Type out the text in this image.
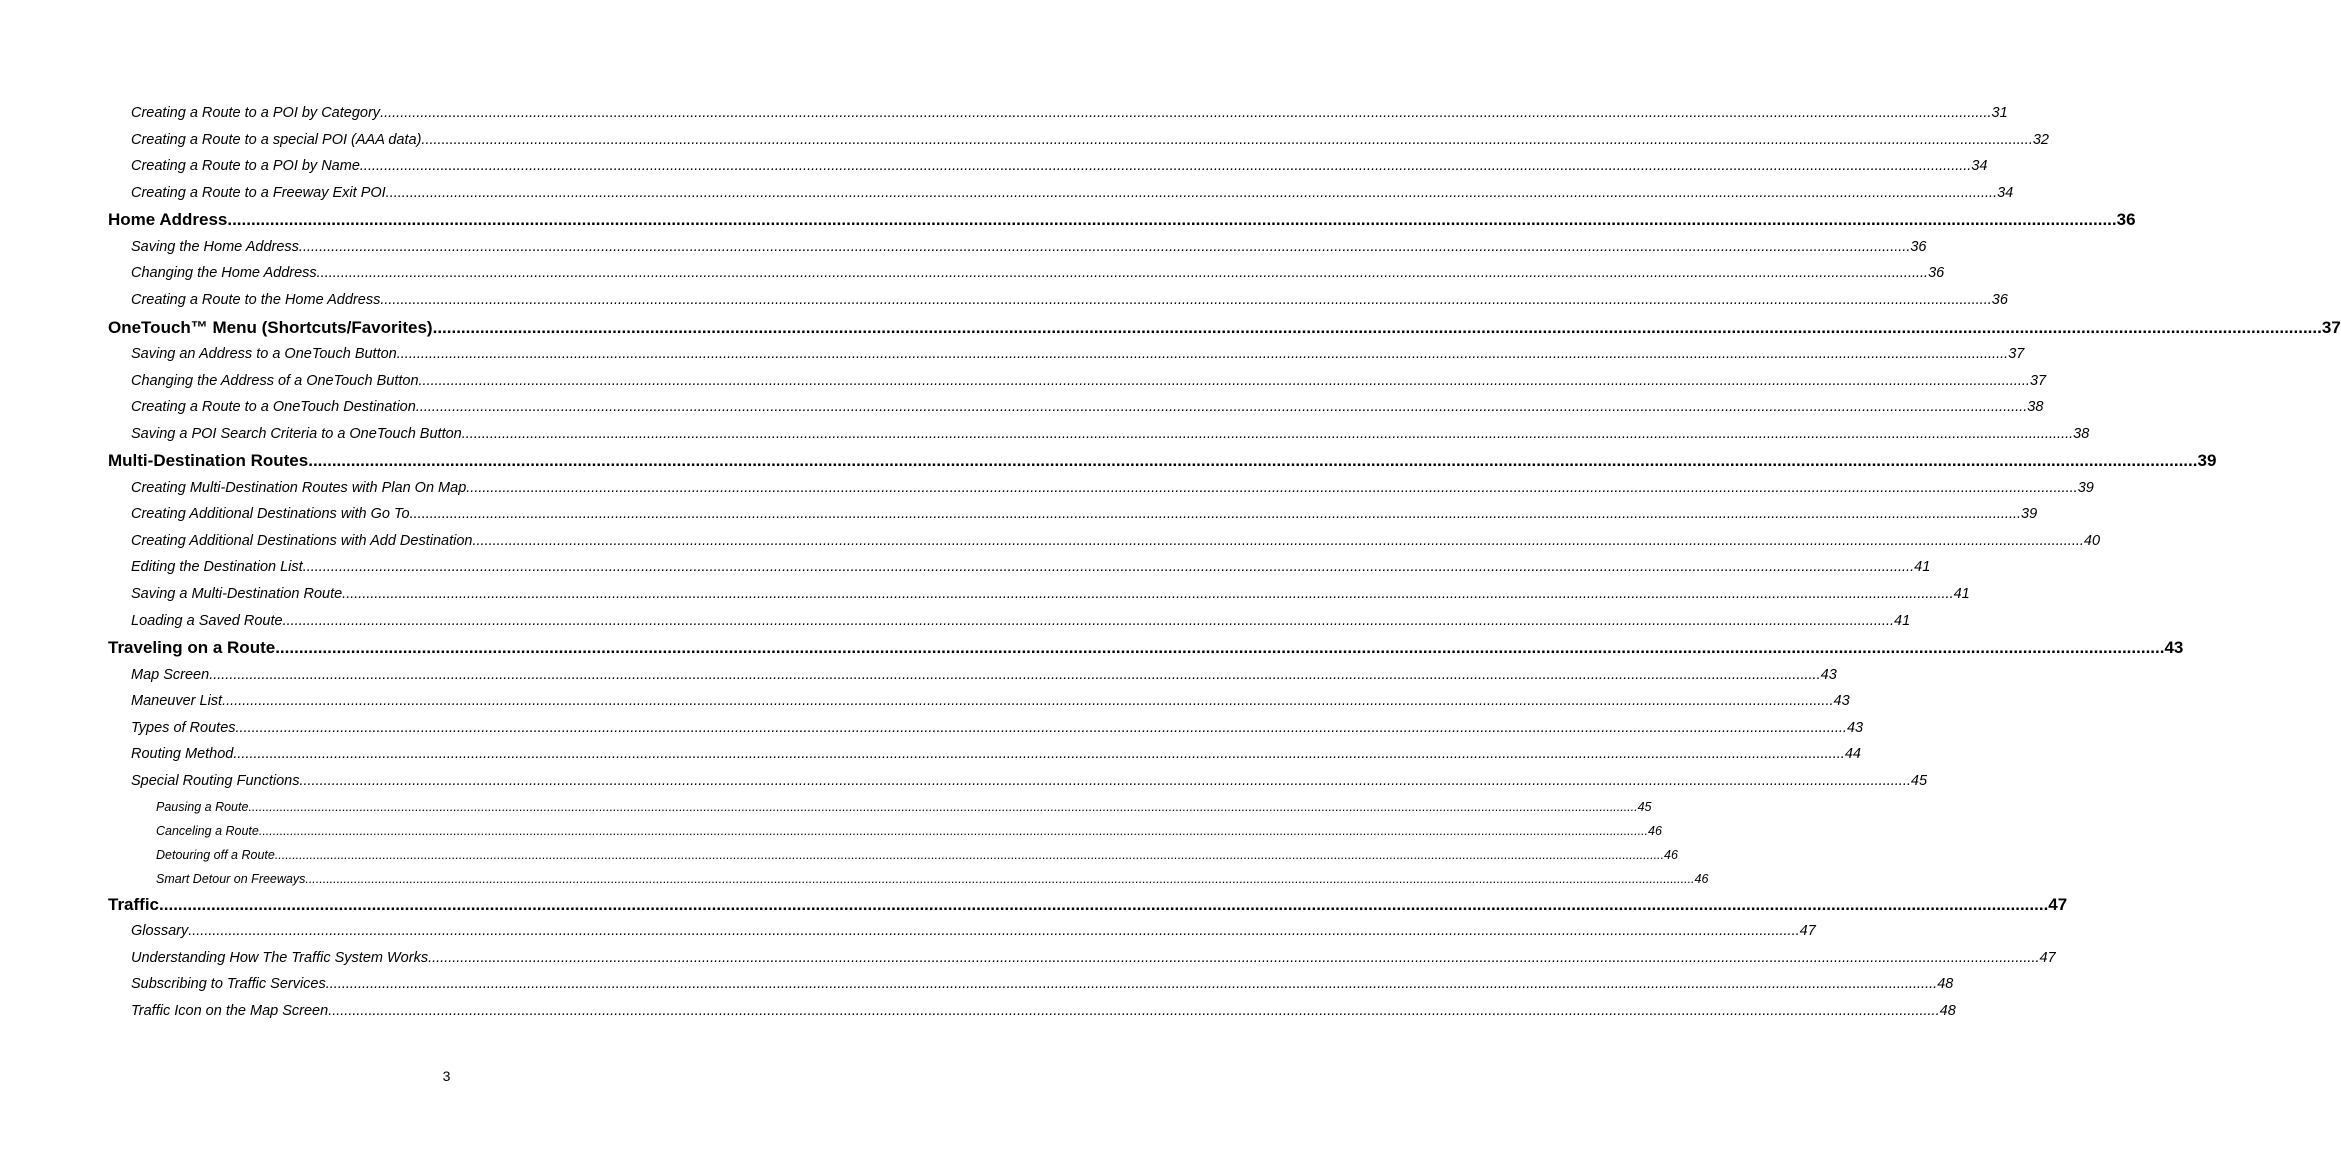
Creating a Route to a POI by Category ................................................................................................................................................................................................................................................................................................................................................................................................................ 31
Creating a Route to a special POI (AAA data) ................................................................................................................................................................................................................................................................................................................................................................................................................ 32
Creating a Route to a POI by Name ................................................................................................................................................................................................................................................................................................................................................................................................................ 34
Creating a Route to a Freeway Exit POI ................................................................................................................................................................................................................................................................................................................................................................................................................ 34
Home Address ................................................................................................................................................................................................................................................................................................................................................................................................................ 36
Saving the Home Address ................................................................................................................................................................................................................................................................................................................................................................................................................ 36
Changing the Home Address ................................................................................................................................................................................................................................................................................................................................................................................................................ 36
Creating a Route to the Home Address ................................................................................................................................................................................................................................................................................................................................................................................................................ 36
OneTouch™ Menu (Shortcuts/Favorites) ................................................................................................................................................................................................................................................................................................................................................................................................................ 37
Saving an Address to a OneTouch Button ................................................................................................................................................................................................................................................................................................................................................................................................................ 37
Changing the Address of a OneTouch Button ................................................................................................................................................................................................................................................................................................................................................................................................................ 37
Creating a Route to a OneTouch Destination ................................................................................................................................................................................................................................................................................................................................................................................................................ 38
Saving a POI Search Criteria to a OneTouch Button ................................................................................................................................................................................................................................................................................................................................................................................................................ 38
Multi-Destination Routes ................................................................................................................................................................................................................................................................................................................................................................................................................ 39
Creating Multi-Destination Routes with Plan On Map ................................................................................................................................................................................................................................................................................................................................................................................................................ 39
Creating Additional Destinations with Go To ................................................................................................................................................................................................................................................................................................................................................................................................................ 39
Creating Additional Destinations with Add Destination ................................................................................................................................................................................................................................................................................................................................................................................................................ 40
Editing the Destination List ................................................................................................................................................................................................................................................................................................................................................................................................................ 41
Saving a Multi-Destination Route ................................................................................................................................................................................................................................................................................................................................................................................................................ 41
Loading a Saved Route ................................................................................................................................................................................................................................................................................................................................................................................................................ 41
Traveling on a Route ................................................................................................................................................................................................................................................................................................................................................................................................................ 43
Map Screen ................................................................................................................................................................................................................................................................................................................................................................................................................ 43
Maneuver List ................................................................................................................................................................................................................................................................................................................................................................................................................ 43
Types of Routes ................................................................................................................................................................................................................................................................................................................................................................................................................ 43
Routing Method ................................................................................................................................................................................................................................................................................................................................................................................................................ 44
Special Routing Functions ................................................................................................................................................................................................................................................................................................................................................................................................................ 45
Pausing a Route ................................................................................................................................................................................................................................................................................................................................................................................................................ 45
Canceling a Route ................................................................................................................................................................................................................................................................................................................................................................................................................ 46
Detouring off a Route ................................................................................................................................................................................................................................................................................................................................................................................................................ 46
Smart Detour on Freeways ................................................................................................................................................................................................................................................................................................................................................................................................................ 46
Traffic ................................................................................................................................................................................................................................................................................................................................................................................................................ 47
Glossary ................................................................................................................................................................................................................................................................................................................................................................................................................ 47
Understanding How The Traffic System Works ................................................................................................................................................................................................................................................................................................................................................................................................................ 47
Subscribing to Traffic Services ................................................................................................................................................................................................................................................................................................................................................................................................................ 48
Traffic Icon on the Map Screen ................................................................................................................................................................................................................................................................................................................................................................................................................ 48
3
